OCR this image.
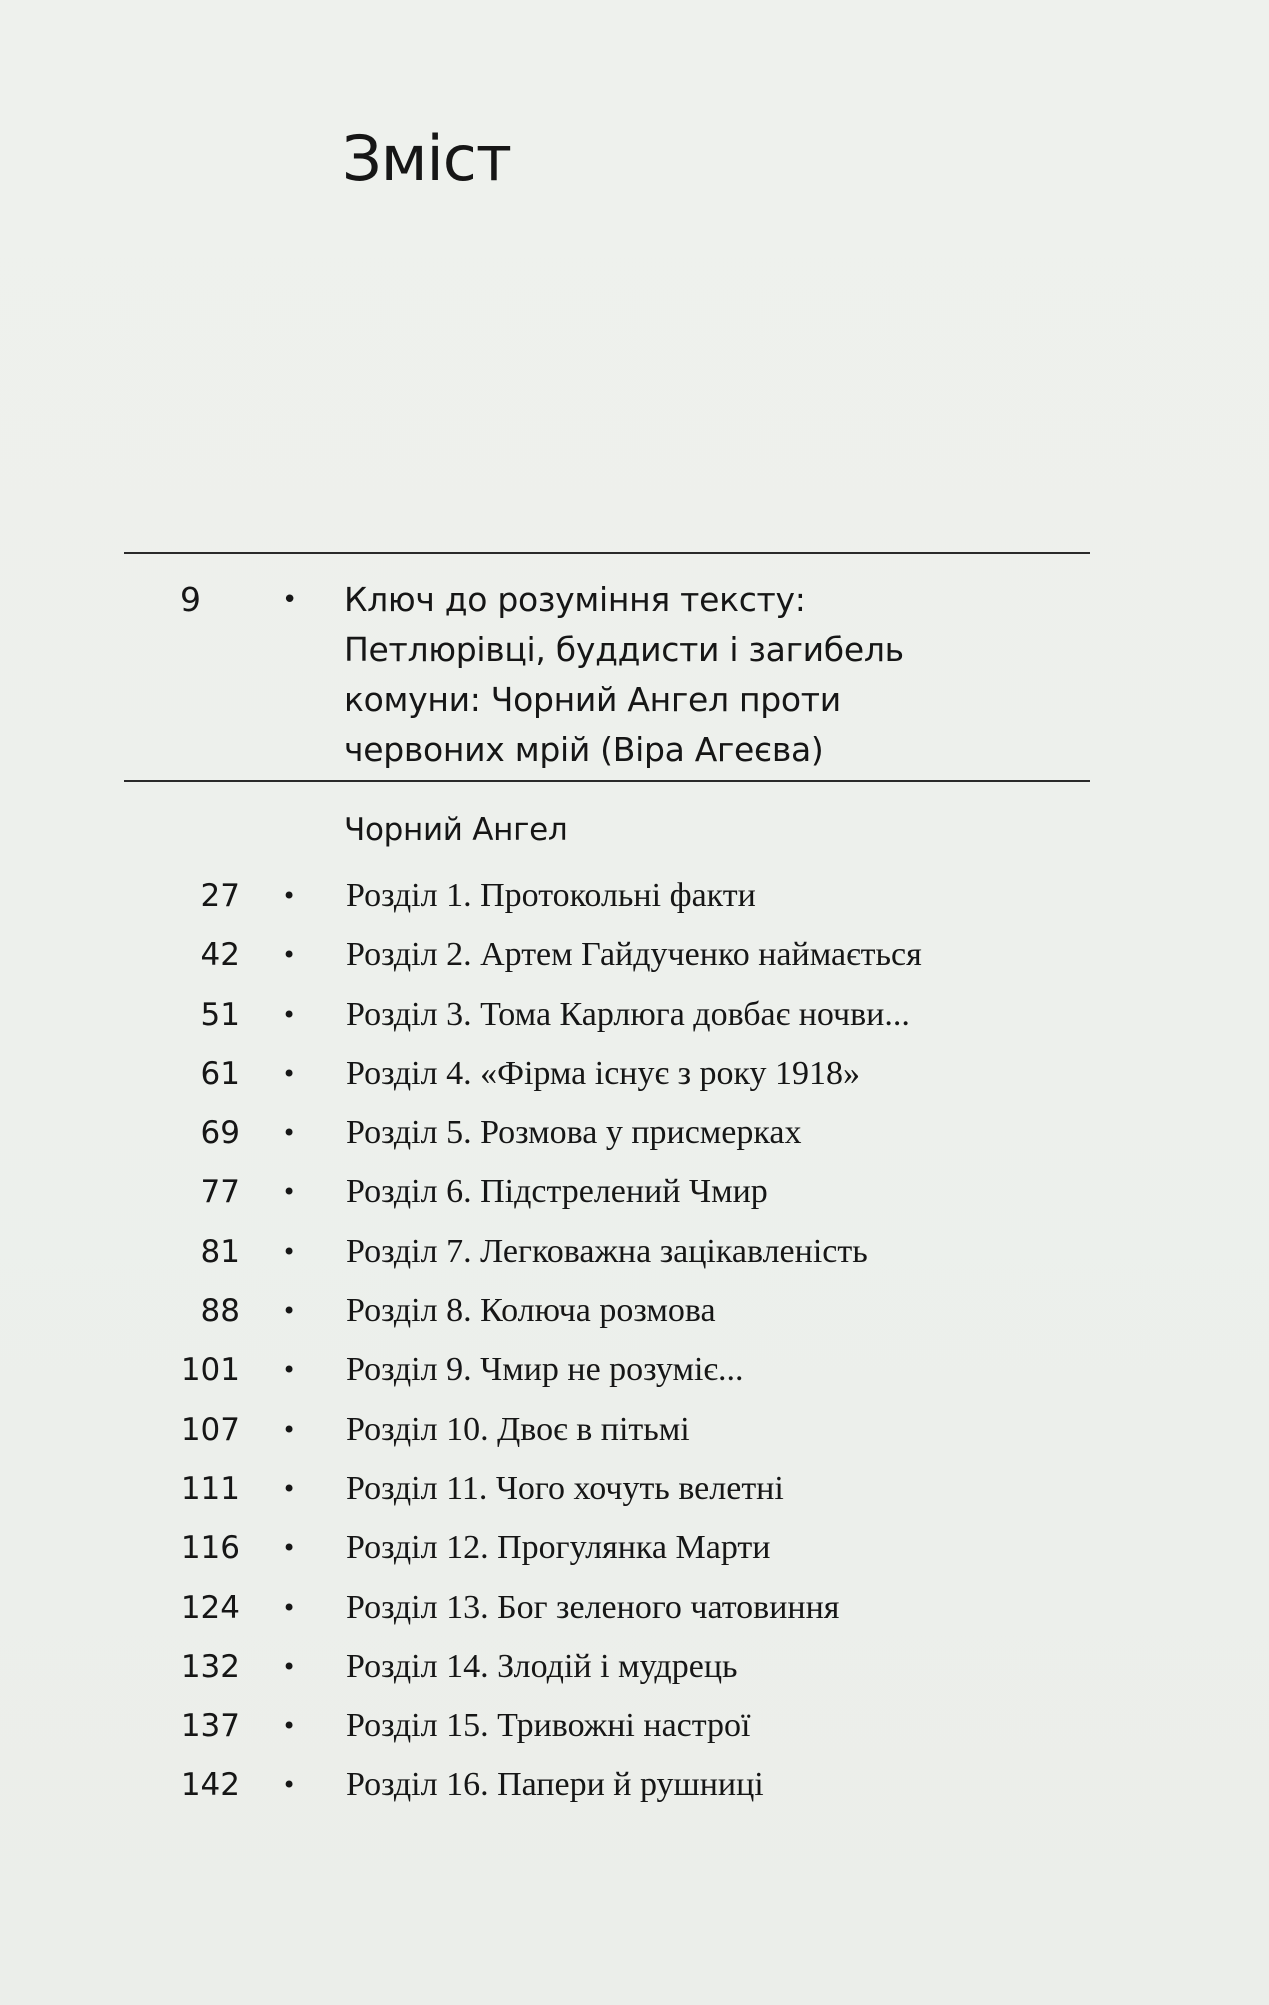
Зміст
9	• Ключ до розуміння тексту:
Петлюрівці, буддисти і загибель
комуни: Чорний Ангел проти
червоних мрій (Віра Агеєва)
Чорний Ангел
27 • Розділ 1. Протокольні факти
42 • Розділ 2. Артем Гайдученко наймається
51 • Розділ 3. Тома Карлюга довбає ночви...
61 • Розділ 4. «Фірма існує з року 1918»
69 • Розділ 5. Розмова у присмерках
77 • Розділ 6. Підстрелений Чмир
81 • Розділ 7. Легковажна зацікавленість
88 • Розділ 8. Колюча розмова
101 • Розділ 9. Чмир не розуміє...
107 • Розділ 10. Двоє в пітьмі
111 • Розділ 11. Чого хочуть велетні
116 • Розділ 12. Прогулянка Марти
124 • Розділ 13. Бог зеленого чатовиння
132 • Розділ 14. Злодій і мудрець
137 • Розділ 15. Тривожні настрої
142 • Розділ 16. Папери й рушниці
